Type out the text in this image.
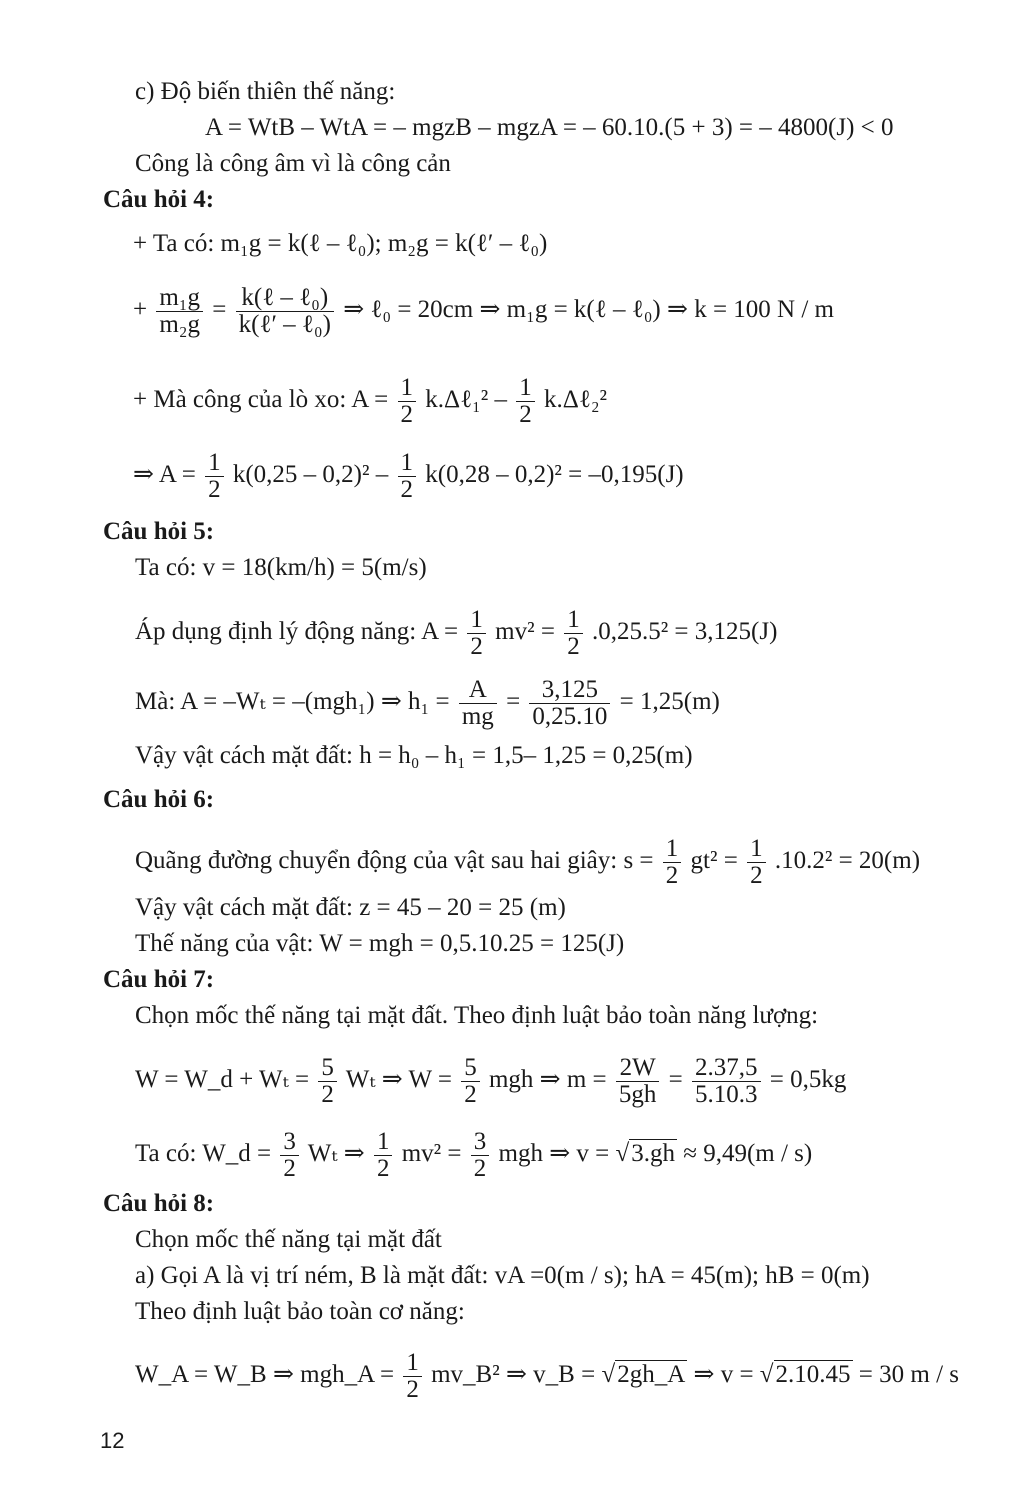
c) Độ biến thiên thế năng:
A = WtB – WtA = – mgzB – mgzA = – 60.10.(5 + 3) = – 4800(J) < 0
Công là công âm vì là công cản
Câu hỏi 4:
+ Ta có: m₁g = k(ℓ – ℓ₀); m₂g = k(ℓ′ – ℓ₀)
+ $\frac{\text{m₁g}}{\text{m₂g}} = \frac{\text{k(ℓ – ℓ₀)}}{\text{k(ℓ′ – ℓ₀)}}$ ⇒ ℓ₀ = 20cm ⇒ m₁g = k(ℓ – ℓ₀) ⇒ k = 100 N / m
+ Mà công của lò xo: $A = \frac{1}{2}$ k.Δℓ₁² – $\frac{1}{2}$ k.Δℓ₂²
⇒ $A = \frac{1}{2} k(0,25 - 0,2)^2 - \frac{1}{2} k(0,28 - 0,2)^2 = -0,195(J)$
Câu hỏi 5:
Ta có: v = 18(km/h) = 5(m/s)
Áp dụng định lý động năng: $A = \frac{1}{2} mv^2 = \frac{1}{2} .0,25.5^2 = 3,125(J)$
Mà: A = –Wₜ = –(mgh₁) ⇒ $h_1 = \frac{A}{mg} = \frac{3,125}{0,25.10} = 1,25(m)$
Vậy vật cách mặt đất: h = h₀ – h₁ = 1,5– 1,25 = 0,25(m)
Câu hỏi 6:
Quãng đường chuyển động của vật sau hai giây: $s = \frac{1}{2} gt^2 = \frac{1}{2} .10.2^2 = 20(m)$
Vậy vật cách mặt đất: z = 45 – 20 = 25 (m)
Thế năng của vật: W = mgh = 0,5.10.25 = 125(J)
Câu hỏi 7:
Chọn mốc thế năng tại mặt đất. Theo định luật bảo toàn năng lượng:
W = W_d + $W_t = \frac{5}{2}$ Wₜ ⇒ $W = \frac{5}{2}$ mgh ⇒ $m = \frac{2W}{5gh} = \frac{2.37,5}{5.10.3} = 0,5kg$
Ta có: W_d = $\frac{3}{2}$ Wₜ ⇒ $\frac{1}{2} mv^2 = \frac{3}{2}$ mgh ⇒ v = √3.gh ≈ 9,49(m / s)
Câu hỏi 8:
Chọn mốc thế năng tại mặt đất
a) Gọi A là vị trí ném, B là mặt đất: vA =0(m / s); hA = 45(m); hB = 0(m)
Theo định luật bảo toàn cơ năng:
W_A = W_B ⇒ mgh_A = $\frac{1}{2}$ mv_B² ⇒ v_B = √2gh_A ⇒ v = √2.10.45 = 30 m / s
12
